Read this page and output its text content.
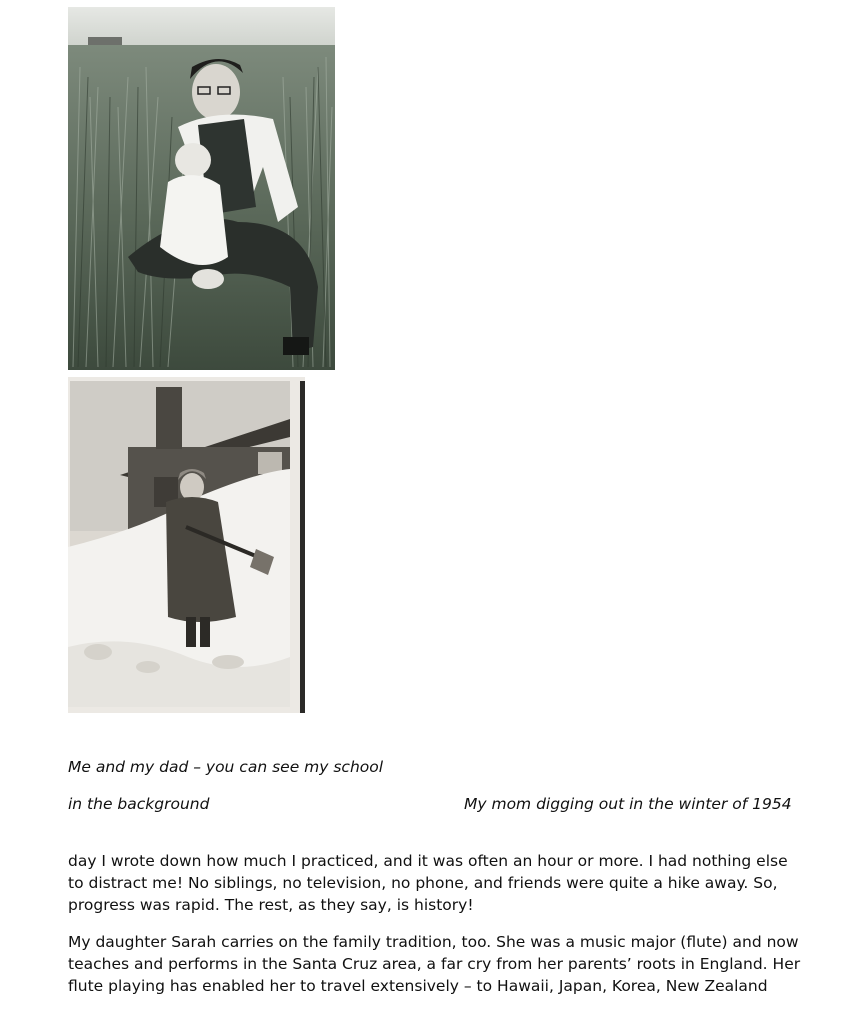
Me and my dad – you can see my school
in the background	My mom digging out in the winter of 1954

day I wrote down how much I practiced, and it was often an hour or more. I had nothing else
to distract me! No siblings, no television, no phone, and friends were quite a hike away. So,
progress was rapid. The rest, as they say, is history!

My daughter Sarah carries on the family tradition, too. She was a music major (flute) and now
teaches and performs in the Santa Cruz area, a far cry from her parents’ roots in England. Her
flute playing has enabled her to travel extensively – to Hawaii, Japan, Korea, New Zealand
